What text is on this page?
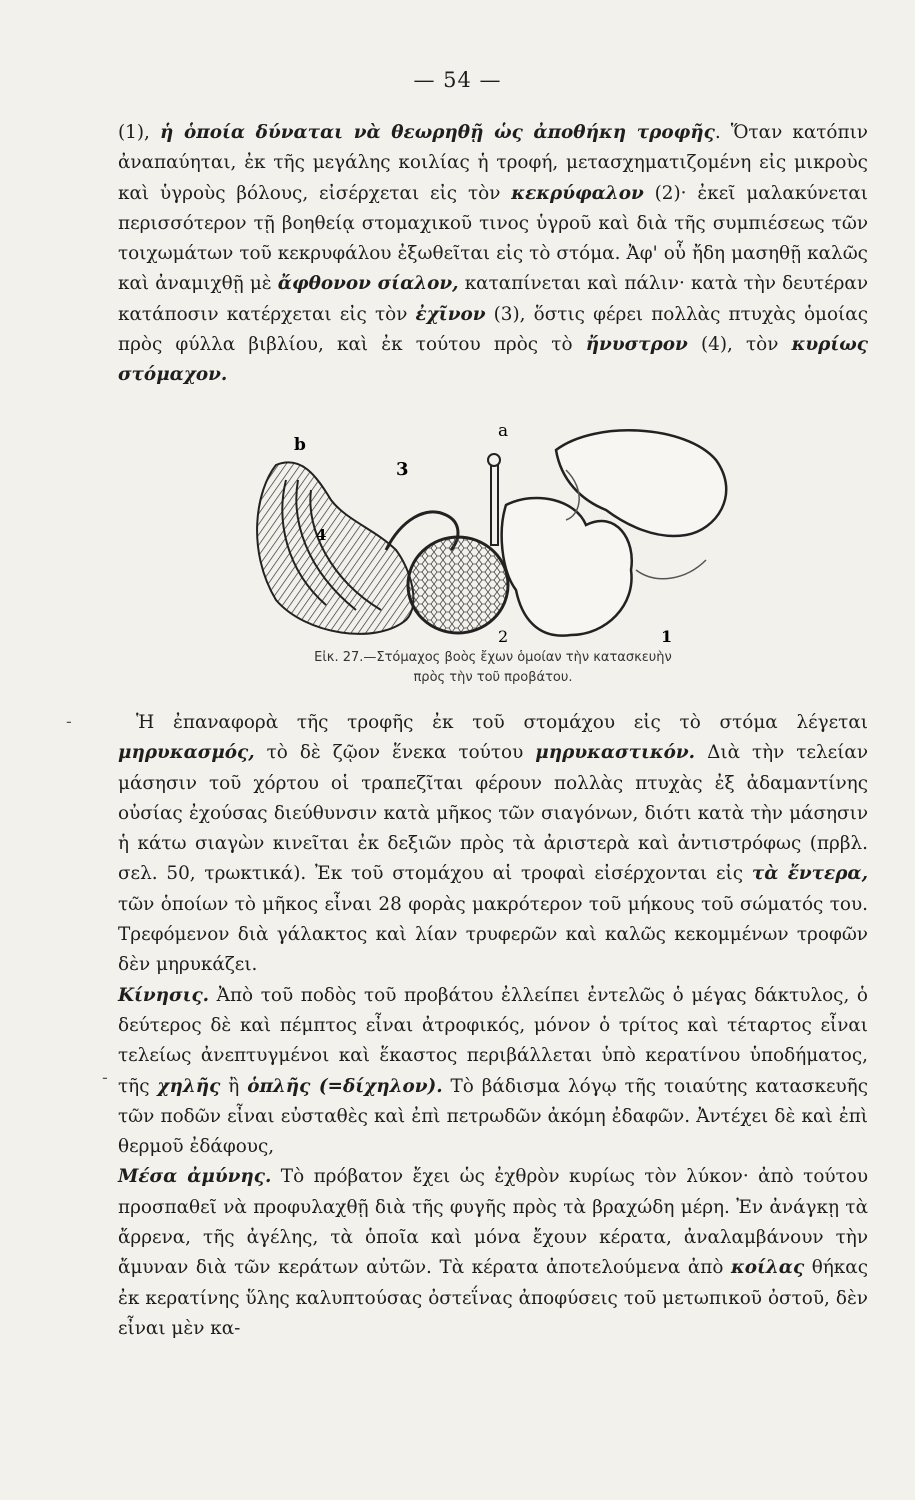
— 54 —
(1), ἡ ὁποία δύναται νὰ θεωρηθῇ ὡς ἀποθήκη τροφῆς. Ὅταν κατόπιν ἀναπαύηται, ἐκ τῆς μεγάλης κοιλίας ἡ τροφή, μετασχηματιζομένη εἰς μικροὺς καὶ ὑγροὺς βόλους, εἰσέρχεται εἰς τὸν κεκρύφαλον (2)· ἐκεῖ μαλακύνεται περισσότερον τῇ βοηθείᾳ στομαχικοῦ τινος ὑγροῦ καὶ διὰ τῆς συμπιέσεως τῶν τοιχωμάτων τοῦ κεκρυφάλου ἐξωθεῖται εἰς τὸ στόμα. Ἀφ' οὗ ἤδη μασηθῇ καλῶς καὶ ἀναμιχθῇ μὲ ἄφθονον σίαλον, καταπίνεται καὶ πάλιν· κατὰ τὴν δευτέραν κατάποσιν κατέρχεται εἰς τὸν ἐχῖνον (3), ὅστις φέρει πολλὰς πτυχὰς ὁμοίας πρὸς φύλλα βιβλίου, καὶ ἐκ τούτου πρὸς τὸ ἤνυστρον (4), τὸν κυρίως στόμαχον.
b
a
3
4
2	1
Εἰκ. 27.—Στόμαχος βοὸς ἔχων ὁμοίαν τὴν κατασκευὴν
πρὸς τὴν τοῦ προβάτου.
-
-
Ἡ ἐπαναφορὰ τῆς τροφῆς ἐκ τοῦ στομάχου εἰς τὸ στόμα λέγεται μηρυκασμός, τὸ δὲ ζῷον ἕνεκα τούτου μηρυκαστικόν. Διὰ τὴν τελείαν μάσησιν τοῦ χόρτου οἱ τραπεζῖται φέρουν πολλὰς πτυχὰς ἐξ ἀδαμαντίνης οὐσίας ἐχούσας διεύθυνσιν κατὰ μῆκος τῶν σιαγόνων, διότι κατὰ τὴν μάσησιν ἡ κάτω σιαγὼν κινεῖται ἐκ δεξιῶν πρὸς τὰ ἀριστερὰ καὶ ἀντιστρόφως (πρβλ. σελ. 50, τρωκτικά). Ἐκ τοῦ στομάχου αἱ τροφαὶ εἰσέρχονται εἰς τὰ ἔντερα, τῶν ὁποίων τὸ μῆκος εἶναι 28 φορὰς μακρότερον τοῦ μήκους τοῦ σώματός του. Τρεφόμενον διὰ γάλακτος καὶ λίαν τρυφερῶν καὶ καλῶς κεκομμένων τροφῶν δὲν μηρυκάζει.
Κίνησις. Ἀπὸ τοῦ ποδὸς τοῦ προβάτου ἐλλείπει ἐντελῶς ὁ μέγας δάκτυλος, ὁ δεύτερος δὲ καὶ πέμπτος εἶναι ἀτροφικός, μόνον ὁ τρίτος καὶ τέταρτος εἶναι τελείως ἀνεπτυγμένοι καὶ ἕκαστος περιβάλλεται ὑπὸ κερατίνου ὑποδήματος, τῆς χηλῆς ἢ ὁπλῆς (=δίχηλον). Τὸ βάδισμα λόγῳ τῆς τοιαύτης κατασκευῆς τῶν ποδῶν εἶναι εὐσταθὲς καὶ ἐπὶ πετρωδῶν ἀκόμη ἐδαφῶν. Ἀντέχει δὲ καὶ ἐπὶ θερμοῦ ἐδάφους,
Μέσα ἀμύνης. Τὸ πρόβατον ἔχει ὡς ἐχθρὸν κυρίως τὸν λύκον· ἀπὸ τούτου προσπαθεῖ νὰ προφυλαχθῇ διὰ τῆς φυγῆς πρὸς τὰ βραχώδη μέρη. Ἐν ἀνάγκῃ τὰ ἄρρενα, τῆς ἀγέλης, τὰ ὁποῖα καὶ μόνα ἔχουν κέρατα, ἀναλαμβάνουν τὴν ἄμυναν διὰ τῶν κεράτων αὐτῶν. Τὰ κέρατα ἀποτελούμενα ἀπὸ κοίλας θήκας ἐκ κερατίνης ὕλης καλυπτούσας ὀστεΐνας ἀποφύσεις τοῦ μετωπικοῦ ὀστοῦ, δὲν εἶναι μὲν κα-
